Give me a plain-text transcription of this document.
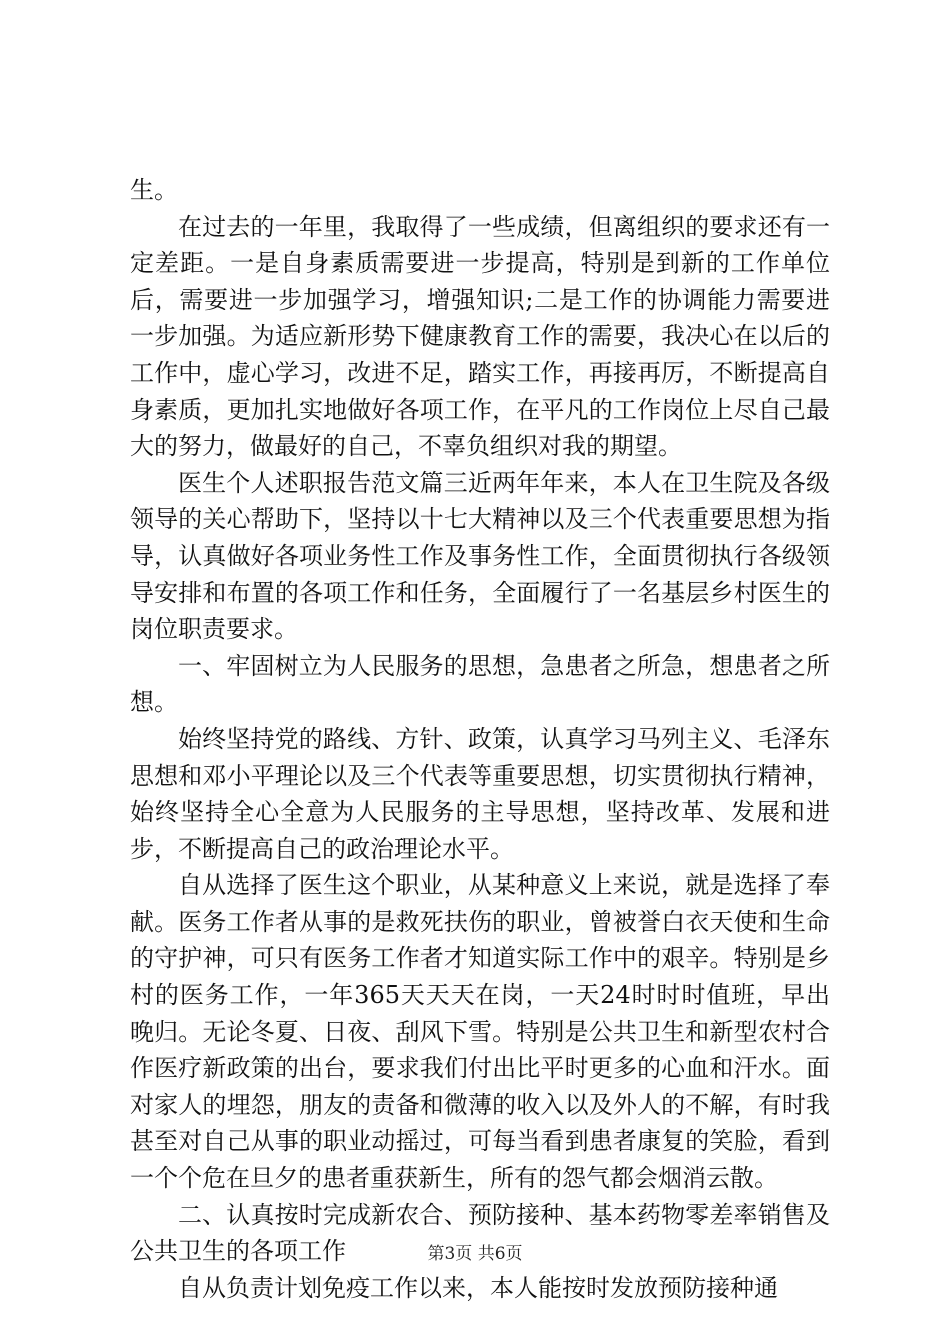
生。

在过去的一年里，我取得了一些成绩，但离组织的要求还有一定差距。一是自身素质需要进一步提高，特别是到新的工作单位后，需要进一步加强学习，增强知识;二是工作的协调能力需要进一步加强。为适应新形势下健康教育工作的需要，我决心在以后的工作中，虚心学习，改进不足，踏实工作，再接再厉，不断提高自身素质，更加扎实地做好各项工作，在平凡的工作岗位上尽自己最大的努力，做最好的自己，不辜负组织对我的期望。

医生个人述职报告范文篇三近两年年来，本人在卫生院及各级领导的关心帮助下，坚持以十七大精神以及三个代表重要思想为指导，认真做好各项业务性工作及事务性工作，全面贯彻执行各级领导安排和布置的各项工作和任务，全面履行了一名基层乡村医生的岗位职责要求。

一、牢固树立为人民服务的思想，急患者之所急，想患者之所想。

始终坚持党的路线、方针、政策，认真学习马列主义、毛泽东思想和邓小平理论以及三个代表等重要思想，切实贯彻执行精神，始终坚持全心全意为人民服务的主导思想，坚持改革、发展和进步，不断提高自己的政治理论水平。

自从选择了医生这个职业，从某种意义上来说，就是选择了奉献。医务工作者从事的是救死扶伤的职业，曾被誉白衣天使和生命的守护神，可只有医务工作者才知道实际工作中的艰辛。特别是乡村的医务工作，一年365天天天在岗，一天24时时时值班，早出晚归。无论冬夏、日夜、刮风下雪。特别是公共卫生和新型农村合作医疗新政策的出台，要求我们付出比平时更多的心血和汗水。面对家人的埋怨，朋友的责备和微薄的收入以及外人的不解，有时我甚至对自己从事的职业动摇过，可每当看到患者康复的笑脸，看到一个个危在旦夕的患者重获新生，所有的怨气都会烟消云散。

二、认真按时完成新农合、预防接种、基本药物零差率销售及公共卫生的各项工作

自从负责计划免疫工作以来，本人能按时发放预防接种通

第3页 共6页
